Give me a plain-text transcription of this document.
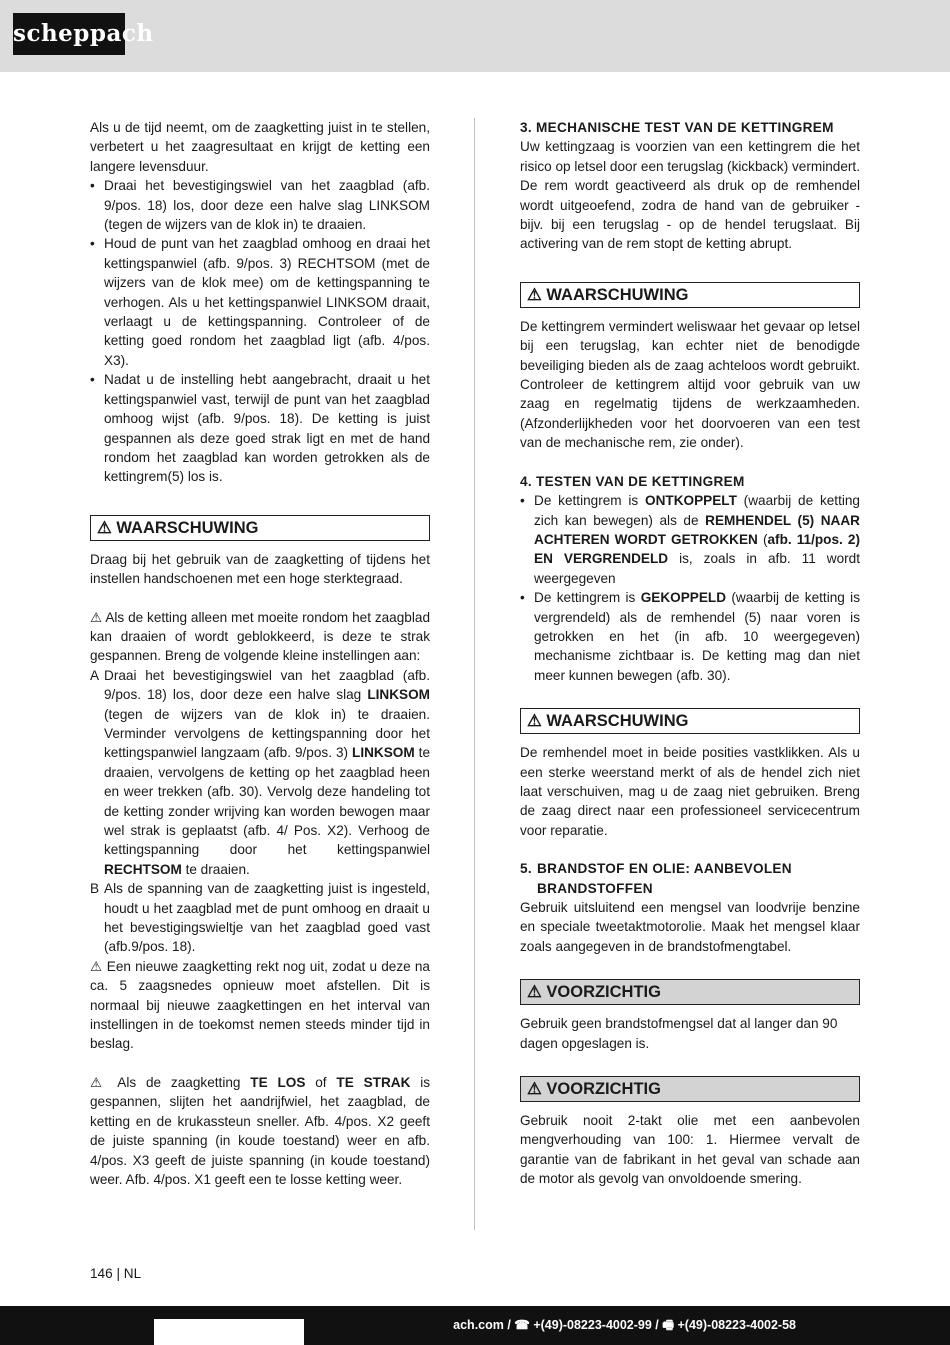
scheppach

Als u de tijd neemt, om de zaagketting juist in te stellen, verbetert u het zaagresultaat en krijgt de ketting een langere levensduur.

• Draai het bevestigingswiel van het zaagblad (afb. 9/pos. 18) los, door deze een halve slag LINKSOM (tegen de wijzers van de klok in) te draaien.
• Houd de punt van het zaagblad omhoog en draai het kettingspanwiel (afb. 9/pos. 3) RECHTSOM (met de wijzers van de klok mee) om de kettingspanning te verhogen. Als u het kettingspanwiel LINKSOM draait, verlaagt u de kettingspanning. Controleer of de ketting goed rondom het zaagblad ligt (afb. 4/pos. X3).
• Nadat u de instelling hebt aangebracht, draait u het kettingspanwiel vast, terwijl de punt van het zaagblad omhoog wijst (afb. 9/pos. 18). De ketting is juist gespannen als deze goed strak ligt en met de hand rondom het zaagblad kan worden getrokken als de kettingrem(5) los is.
⚠ WAARSCHUWING

Draag bij het gebruik van de zaagketting of tijdens het instellen handschoenen met een hoge sterktegraad.

⚠ Als de ketting alleen met moeite rondom het zaagblad kan draaien of wordt geblokkeerd, is deze te strak gespannen. Breng de volgende kleine instellingen aan:

A Draai het bevestigingswiel van het zaagblad (afb. 9/pos. 18) los, door deze een halve slag LINKSOM (tegen de wijzers van de klok in) te draaien. Verminder vervolgens de kettingspanning door het kettingspanwiel langzaam (afb. 9/pos. 3) LINKSOM te draaien, vervolgens de ketting op het zaagblad heen en weer trekken (afb. 30). Vervolg deze handeling tot de ketting zonder wrijving kan worden bewogen maar wel strak is geplaatst (afb. 4/ Pos. X2). Verhoog de kettingspanning door het kettingspanwiel RECHTSOM te draaien.
B Als de spanning van de zaagketting juist is ingesteld, houdt u het zaagblad met de punt omhoog en draait u het bevestigingswieltje van het zaagblad goed vast (afb.9/pos. 18).

⚠ Een nieuwe zaagketting rekt nog uit, zodat u deze na ca. 5 zaagsnedes opnieuw moet afstellen. Dit is normaal bij nieuwe zaagkettingen en het interval van instellingen in de toekomst nemen steeds minder tijd in beslag.

⚠ Als de zaagketting TE LOS of TE STRAK is gespannen, slijten het aandrijfwiel, het zaagblad, de ketting en de krukassteun sneller. Afb. 4/pos. X2 geeft de juiste spanning (in koude toestand) weer en afb. 4/pos. X3 geeft de juiste spanning (in koude toestand) weer. Afb. 4/pos. X1 geeft een te losse ketting weer.

3. MECHANISCHE TEST VAN DE KETTINGREM

Uw kettingzaag is voorzien van een kettingrem die het risico op letsel door een terugslag (kickback) vermindert. De rem wordt geactiveerd als druk op de remhendel wordt uitgeoefend, zodra de hand van de gebruiker - bijv. bij een terugslag - op de hendel terugslaat. Bij activering van de rem stopt de ketting abrupt.

⚠ WAARSCHUWING

De kettingrem vermindert weliswaar het gevaar op letsel bij een terugslag, kan echter niet de benodigde beveiliging bieden als de zaag achteloos wordt gebruikt. Controleer de kettingrem altijd voor gebruik van uw zaag en regelmatig tijdens de werkzaamheden. (Afzonderlijkheden voor het doorvoeren van een test van de mechanische rem, zie onder).

4. TESTEN VAN DE KETTINGREM
• De kettingrem is ONTKOPPELT (waarbij de ketting zich kan bewegen) als de REMHENDEL (5) NAAR ACHTEREN WORDT GETROKKEN (afb. 11/pos. 2) EN VERGRENDELD is, zoals in afb. 11 wordt weergegeven
• De kettingrem is GEKOPPELD (waarbij de ketting is vergrendeld) als de remhendel (5) naar voren is getrokken en het (in afb. 10 weergegeven) mechanisme zichtbaar is. De ketting mag dan niet meer kunnen bewegen (afb. 30).
⚠ WAARSCHUWING

De remhendel moet in beide posities vastklikken. Als u een sterke weerstand merkt of als de hendel zich niet laat verschuiven, mag u de zaag niet gebruiken. Breng de zaag direct naar een professioneel servicecentrum voor reparatie.

5. BRANDSTOF EN OLIE: AANBEVOLEN BRANDSTOFFEN

Gebruik uitsluitend een mengsel van loodvrije benzine en speciale tweetaktmotorolie. Maak het mengsel klaar zoals aangegeven in de brandstofmengtabel.

⚠ VOORZICHTIG

Gebruik geen brandstofmengsel dat al langer dan 90 dagen opgeslagen is.

⚠ VOORZICHTIG

Gebruik nooit 2-takt olie met een aanbevolen mengverhouding van 100: 1. Hiermee vervalt de garantie van de fabrikant in het geval van schade aan de motor als gevolg van onvoldoende smering.

146 | NL
ach.com / ☎ +(49)-08223-4002-99 / 🖷 +(49)-08223-4002-58
